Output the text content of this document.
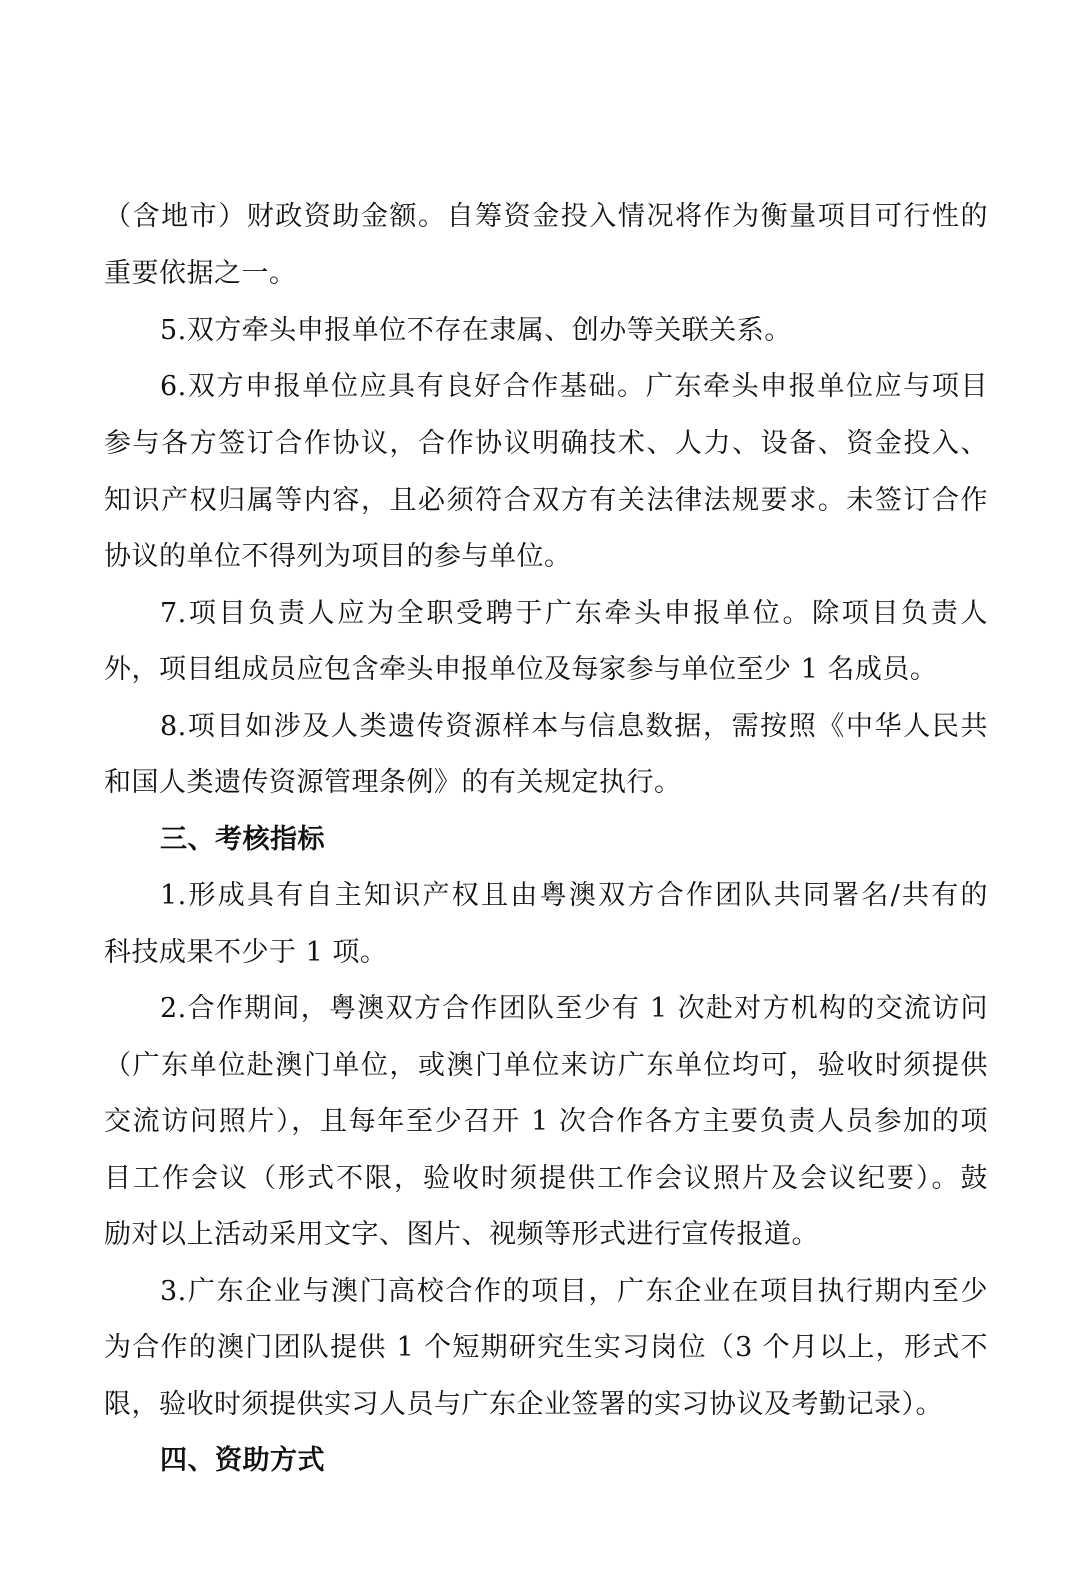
（含地市）财政资助金额。自筹资金投入情况将作为衡量项目可行性的
重要依据之一。
5.双方牵头申报单位不存在隶属、创办等关联关系。
6.双方申报单位应具有良好合作基础。广东牵头申报单位应与项目
参与各方签订合作协议，合作协议明确技术、人力、设备、资金投入、
知识产权归属等内容，且必须符合双方有关法律法规要求。未签订合作
协议的单位不得列为项目的参与单位。
7.项目负责人应为全职受聘于广东牵头申报单位。除项目负责人
外，项目组成员应包含牵头申报单位及每家参与单位至少 1 名成员。
8.项目如涉及人类遗传资源样本与信息数据，需按照《中华人民共
和国人类遗传资源管理条例》的有关规定执行。
三、考核指标
1.形成具有自主知识产权且由粤澳双方合作团队共同署名/共有的
科技成果不少于 1 项。
2.合作期间，粤澳双方合作团队至少有 1 次赴对方机构的交流访问
（广东单位赴澳门单位，或澳门单位来访广东单位均可，验收时须提供
交流访问照片），且每年至少召开 1 次合作各方主要负责人员参加的项
目工作会议（形式不限，验收时须提供工作会议照片及会议纪要）。鼓
励对以上活动采用文字、图片、视频等形式进行宣传报道。
3.广东企业与澳门高校合作的项目，广东企业在项目执行期内至少
为合作的澳门团队提供 1 个短期研究生实习岗位（3 个月以上，形式不
限，验收时须提供实习人员与广东企业签署的实习协议及考勤记录）。
四、资助方式
